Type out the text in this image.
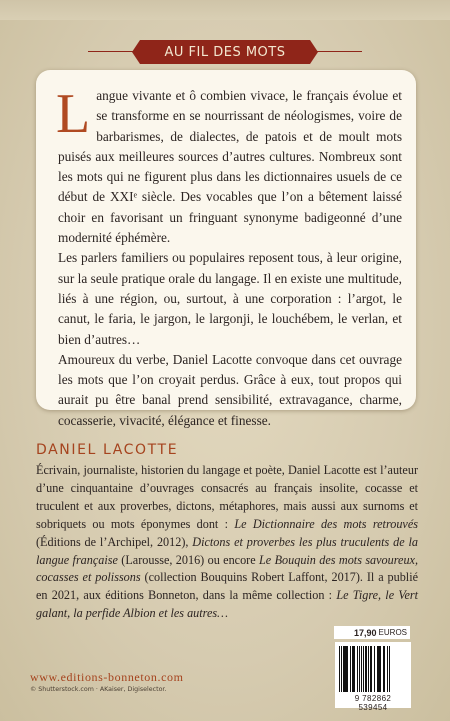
AU FIL DES MOTS

Langue vivante et ô combien vivace, le français évolue et se transforme en se nourrissant de néologismes, voire de barbarismes, de dialectes, de patois et de moult mots puisés aux meilleures sources d’autres cultures. Nombreux sont les mots qui ne figurent plus dans les dictionnaires usuels de ce début de XXIᵉ siècle. Des vocables que l’on a bêtement laissé choir en favorisant un fringuant synonyme badigeonné d’une modernité éphémère.

Les parlers familiers ou populaires reposent tous, à leur origine, sur la seule pratique orale du langage. Il en existe une multitude, liés à une région, ou, surtout, à une corporation : l’argot, le canut, le faria, le jargon, le largonji, le louchébem, le verlan, et bien d’autres…

Amoureux du verbe, Daniel Lacotte convoque dans cet ouvrage les mots que l’on croyait perdus. Grâce à eux, tout propos qui aurait pu être banal prend sensibilité, extravagance, charme, cocasserie, vivacité, élégance et finesse.

DANIEL LACOTTE

Écrivain, journaliste, historien du langage et poète, Daniel Lacotte est l’auteur d’une cinquantaine d’ouvrages consacrés au français insolite, cocasse et truculent et aux proverbes, dictons, métaphores, mais aussi aux surnoms et sobriquets ou mots éponymes dont : Le Dictionnaire des mots retrouvés (Éditions de l’Archipel, 2012), Dictons et proverbes les plus truculents de la langue française (Larousse, 2016) ou encore Le Bouquin des mots savoureux, cocasses et polissons (collection Bouquins Robert Laffont, 2017). Il a publié en 2021, aux éditions Bonneton, dans la même collection : Le Tigre, le Vert galant, la perfide Albion et les autres…

17,90 EUROS
9 782862 539454
www.editions-bonneton.com
© Shutterstock.com · AKaiser, Digiselector.
